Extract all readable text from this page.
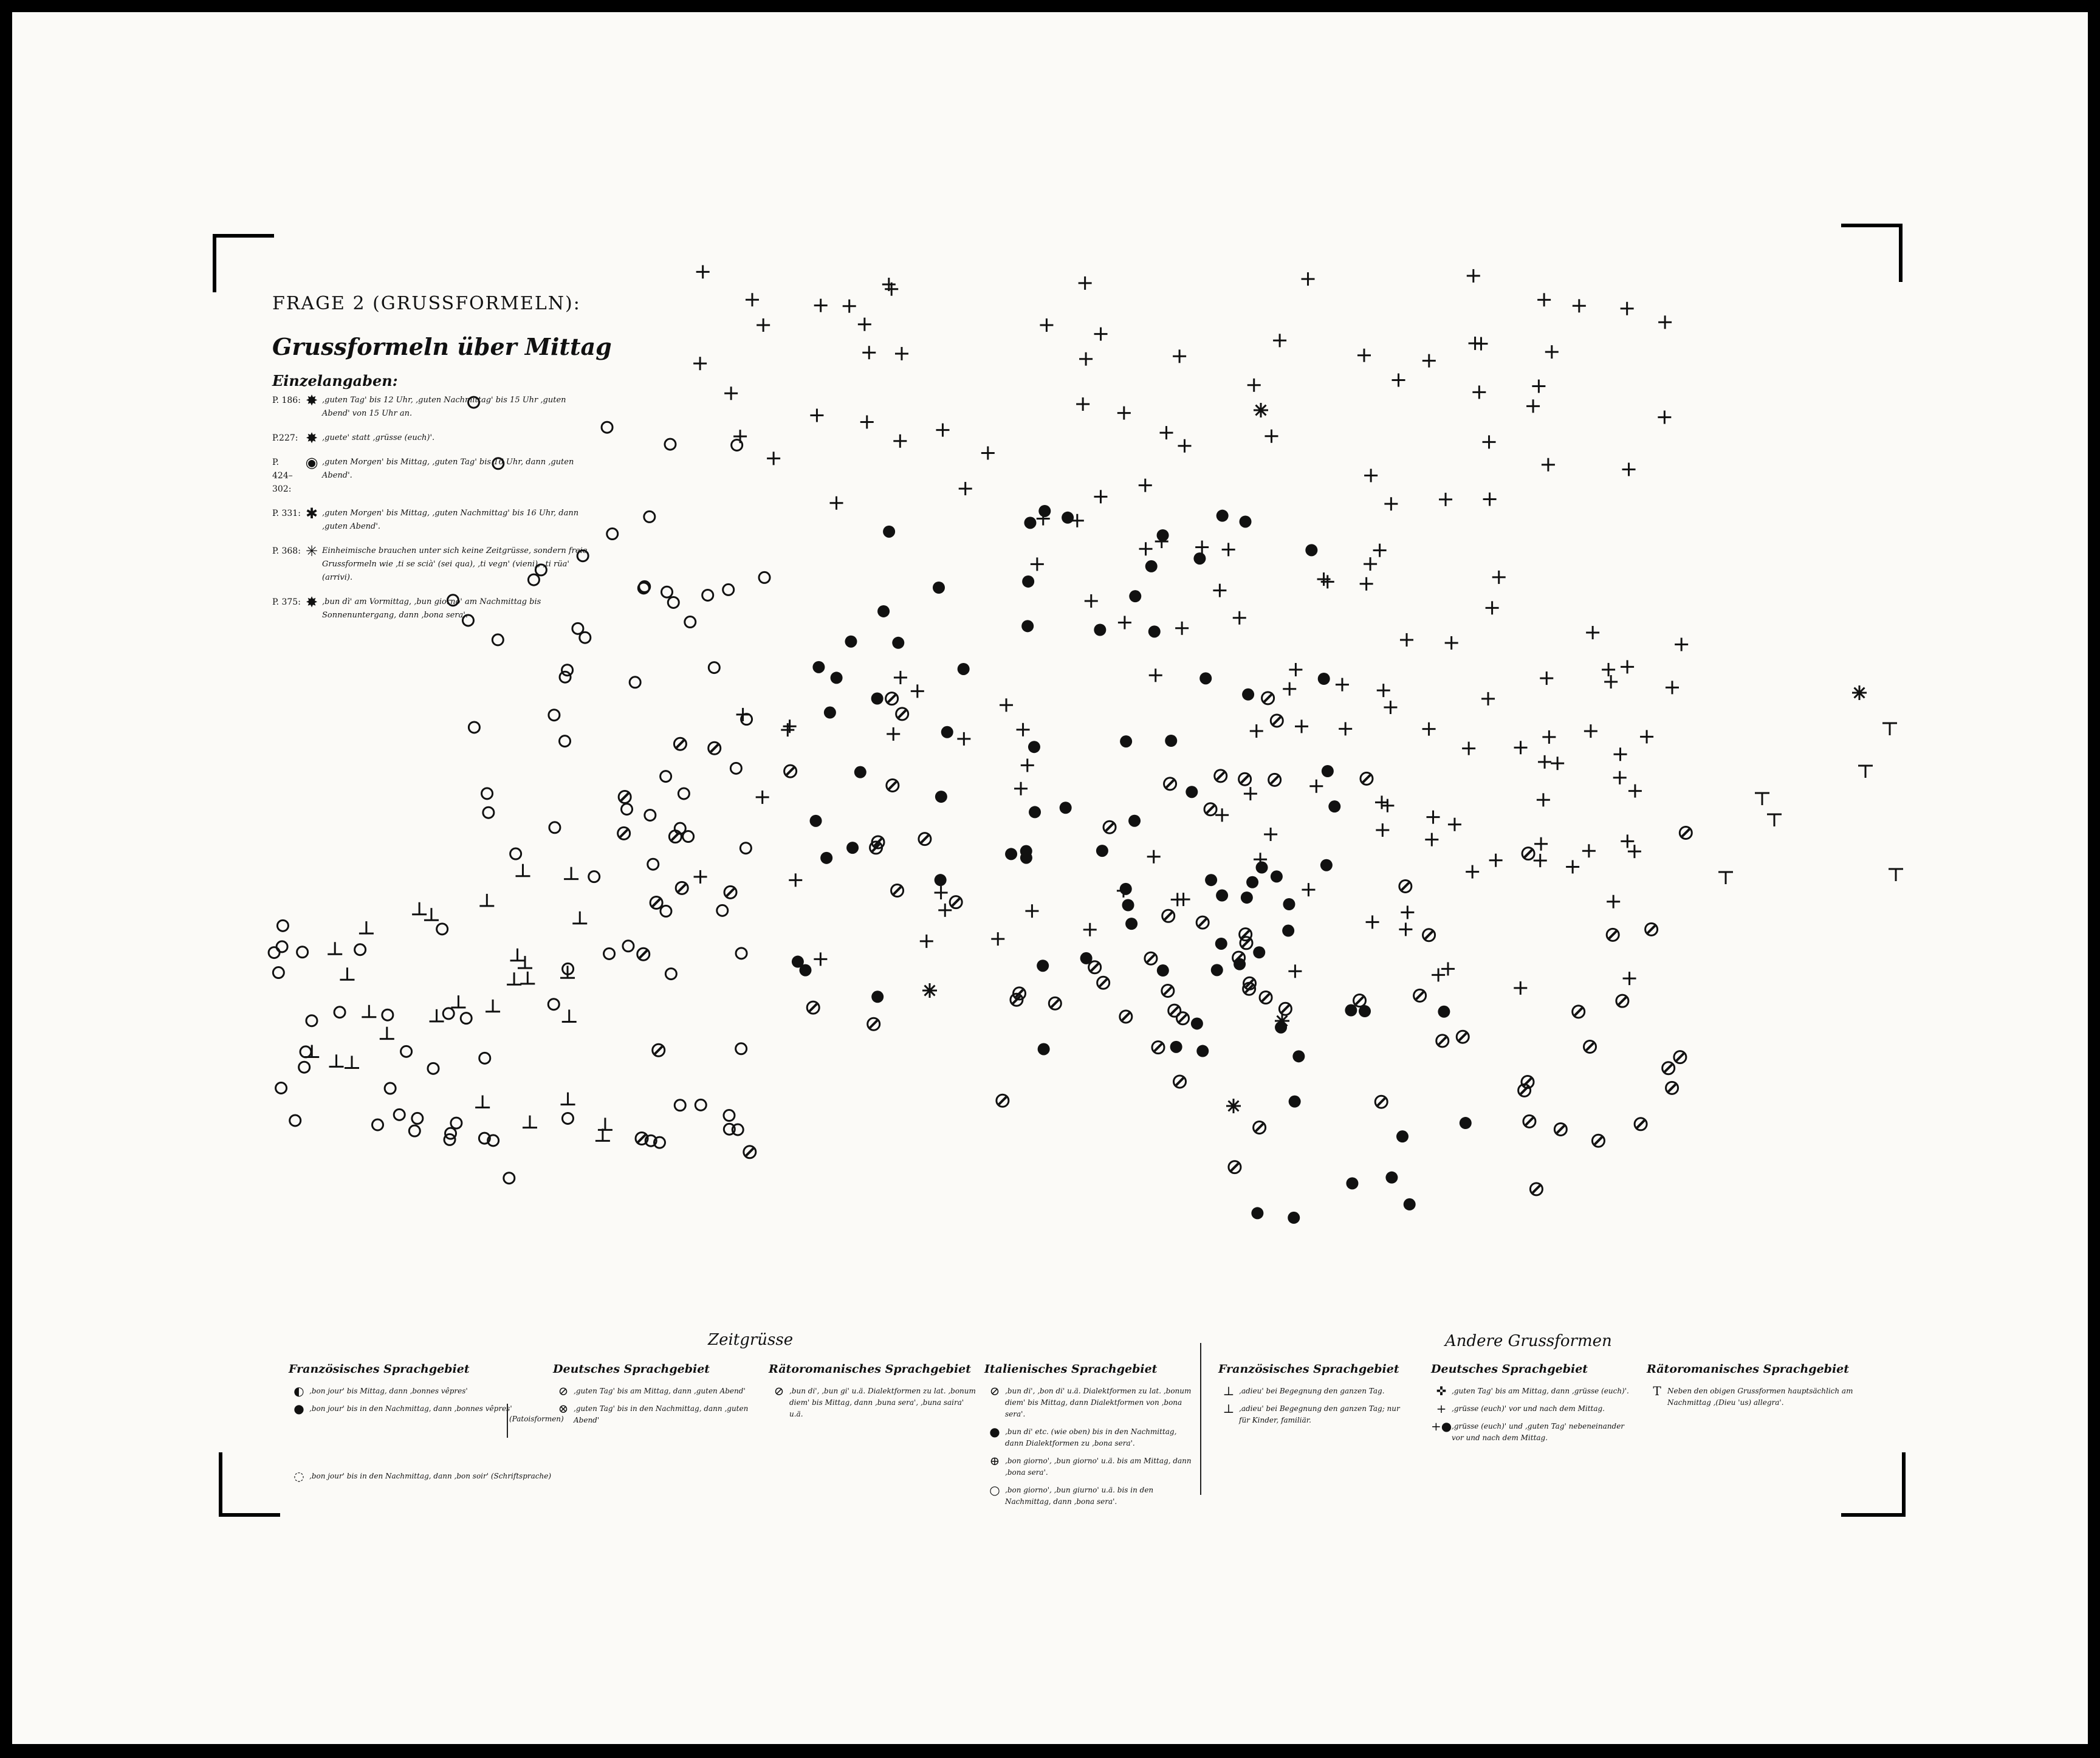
FRAGE 2 (GRUSSFORMELN):
Grussformeln über Mittag
Einzelangaben:
P. 186: ✸ ‚guten Tag' bis 12 Uhr, ‚guten Nachmittag' bis 15 Uhr ‚guten Abend' von 15 Uhr an.
P.227: ✸ ‚guete' statt ‚grüsse (euch)'.
P. 424–302:
◉ ‚guten Morgen' bis Mittag, ‚guten Tag' bis 16 Uhr, dann ‚guten Abend'.
P. 331: ✱ ‚guten Morgen' bis Mittag, ‚guten Nachmittag' bis 16 Uhr, dann ‚guten Abend'.
P. 368: ✳ Einheimische brauchen unter sich keine Zeitgrüsse, sondern freie Grussformeln wie ‚ti se scià' (sei qua), ‚ti vegn' (vieni), ‚ti rüa' (arrivi).
P. 375: ✸ ‚bun dì' am Vormittag, ‚bun giorno' am Nachmittag bis Sonnenuntergang, dann ‚bona sera'.
Zeitgrüsse	Andere Grussformen
Französisches Sprachgebiet
◐ ‚bon jour' bis Mittag, dann ‚bonnes vêpres'
● ‚bon jour' bis in den Nachmittag, dann ‚bonnes vêpres'
(Patoisformen)
◌ ‚bon jour' bis in den Nachmittag, dann ‚bon soir' (Schriftsprache)
Deutsches Sprachgebiet
⊘ ‚guten Tag' bis am Mittag, dann ‚guten Abend'
⊗ ‚guten Tag' bis in den Nachmittag, dann ‚guten Abend'
Rätoromanisches Sprachgebiet
⊘ ‚bun di', ‚bun gi' u.ä. Dialektformen zu lat. ‚bonum diem' bis Mittag, dann ‚buna sera', ‚buna saira' u.ä.
Italienisches Sprachgebiet
⊘ ‚bun di', ‚bon di' u.ä. Dialektformen zu lat. ‚bonum diem' bis Mittag, dann Dialektformen von ‚bona sera'.
● ‚bun di' etc. (wie oben) bis in den Nachmittag, dann Dialektformen zu ‚bona sera'.
⊕ ‚bon giorno', ‚bun giorno' u.ä. bis am Mittag, dann ‚bona sera'.
○ ‚bon giorno', ‚bun giurno' u.ä. bis in den Nachmittag, dann ‚bona sera'.
Französisches Sprachgebiet
⊥ ‚adieu' bei Begegnung den ganzen Tag.
⊥ ‚adieu' bei Begegnung den ganzen Tag; nur für Kinder, familiär.
Deutsches Sprachgebiet
✜ ‚guten Tag' bis am Mittag, dann ‚grüsse (euch)'.
+ ‚grüsse (euch)' vor und nach dem Mittag.
+● ‚grüsse (euch)' und ‚guten Tag' nebeneinander vor und nach dem Mittag.
Rätoromanisches Sprachgebiet
T Neben den obigen Grussformen hauptsächlich am Nachmittag ‚(Dieu 'us) allegra'.
